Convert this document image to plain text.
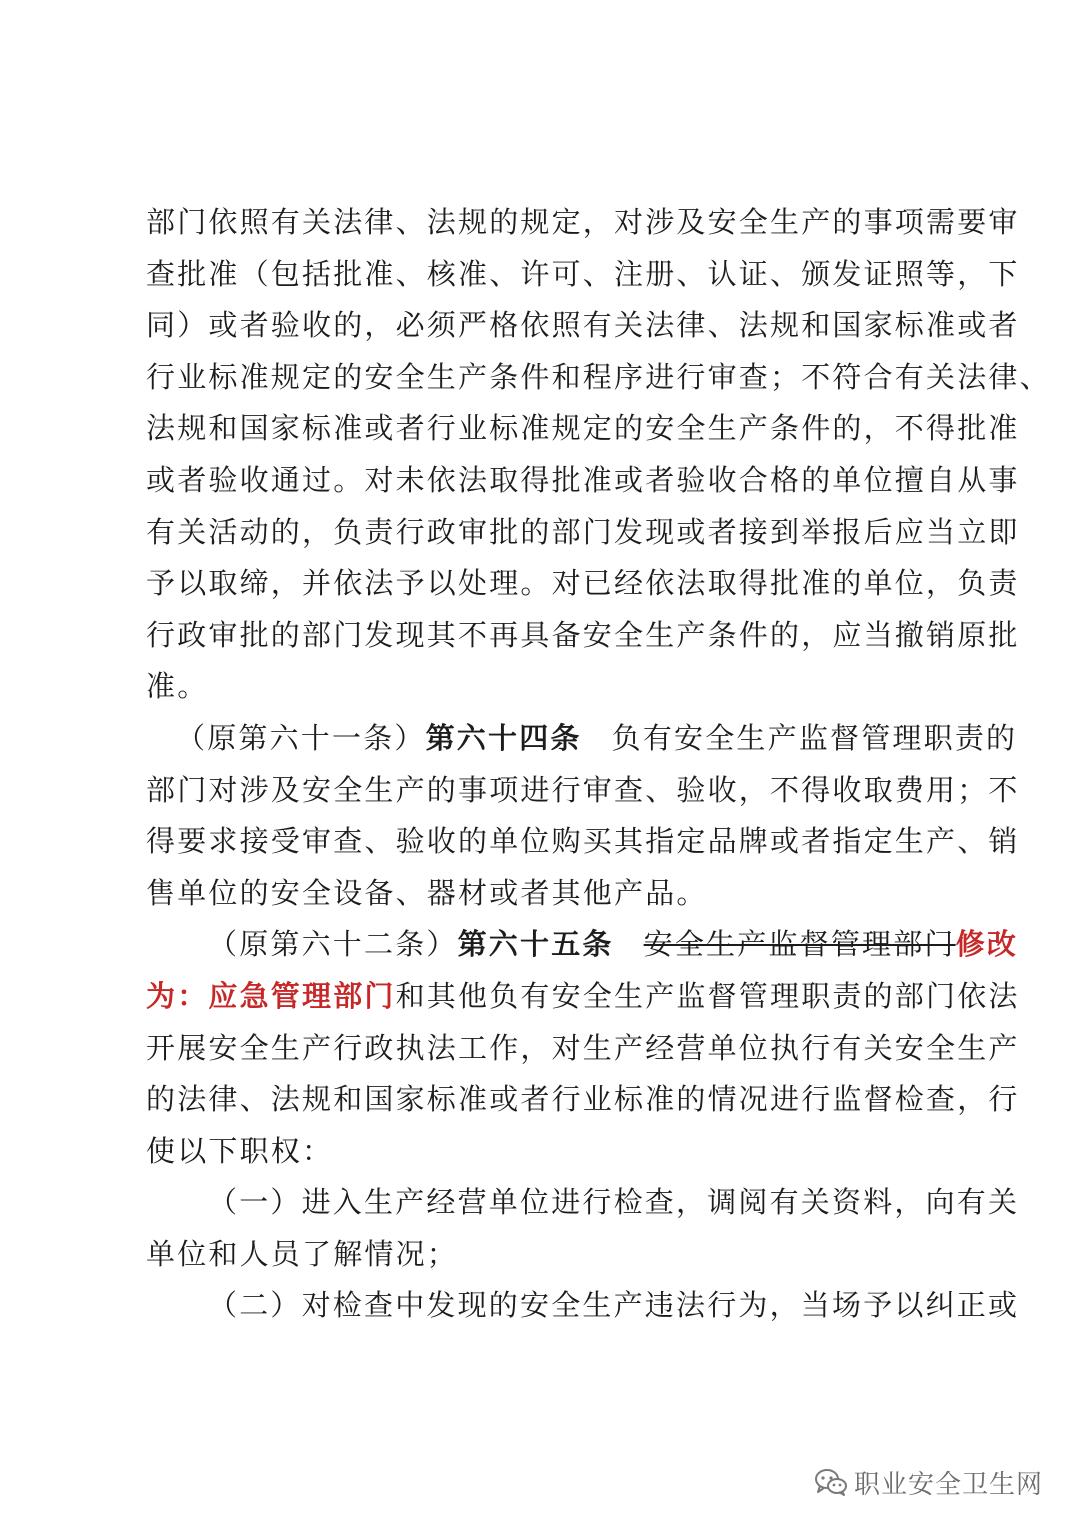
部门依照有关法律、法规的规定，对涉及安全生产的事项需要审
查批准（包括批准、核准、许可、注册、认证、颁发证照等，下
同）或者验收的，必须严格依照有关法律、法规和国家标准或者
行业标准规定的安全生产条件和程序进行审查；不符合有关法律、
法规和国家标准或者行业标准规定的安全生产条件的，不得批准
或者验收通过。对未依法取得批准或者验收合格的单位擅自从事
有关活动的，负责行政审批的部门发现或者接到举报后应当立即
予以取缔，并依法予以处理。对已经依法取得批准的单位，负责
行政审批的部门发现其不再具备安全生产条件的，应当撤销原批
准。
（原第六十一条）第六十四条 负有安全生产监督管理职责的
部门对涉及安全生产的事项进行审查、验收，不得收取费用；不
得要求接受审查、验收的单位购买其指定品牌或者指定生产、销
售单位的安全设备、器材或者其他产品。
（原第六十二条）第六十五条 安全生产监督管理部门修改
为：应急管理部门和其他负有安全生产监督管理职责的部门依法
开展安全生产行政执法工作，对生产经营单位执行有关安全生产
的法律、法规和国家标准或者行业标准的情况进行监督检查，行
使以下职权：
（一）进入生产经营单位进行检查，调阅有关资料，向有关
单位和人员了解情况；
（二）对检查中发现的安全生产违法行为，当场予以纠正或
职业安全卫生网
